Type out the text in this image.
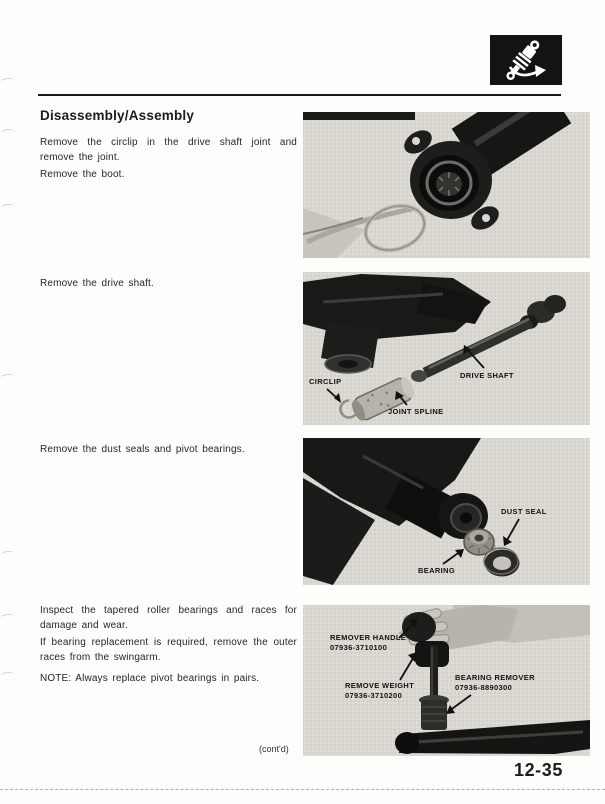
Disassembly/Assembly
Remove the circlip in the drive shaft joint and remove the joint.
Remove the boot.
Remove the drive shaft.
Remove the dust seals and pivot bearings.
Inspect the tapered roller bearings and races for damage and wear.
If bearing replacement is required, remove the outer races from the swingarm.
NOTE: Always replace pivot bearings in pairs.
(cont'd)
CIRCLIP
DRIVE SHAFT
JOINT SPLINE
DUST SEAL
BEARING
REMOVER HANDLE
07936-3710100
REMOVE WEIGHT
07936-3710200
BEARING REMOVER
07936-8890300
12-35
